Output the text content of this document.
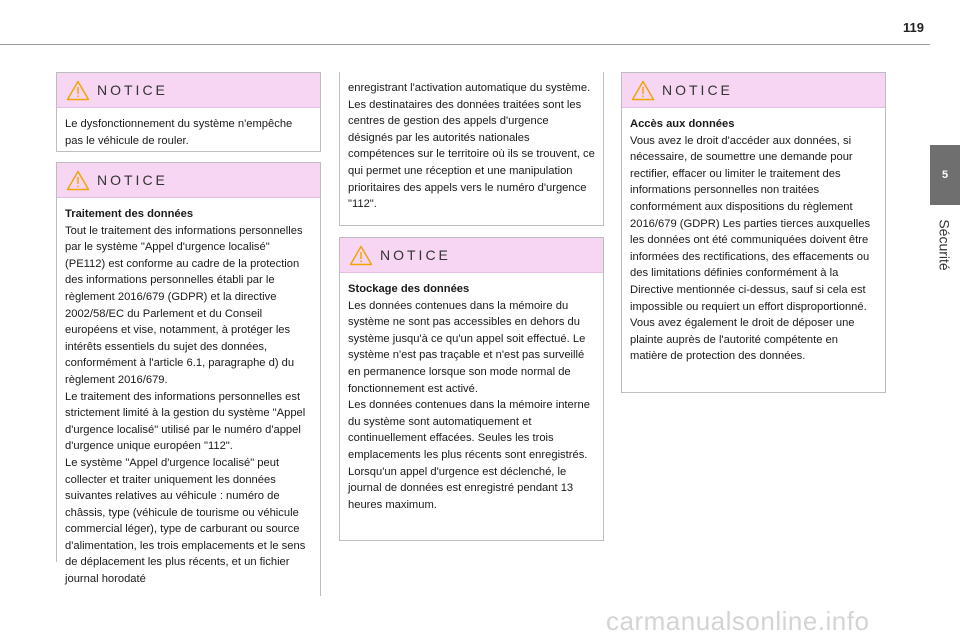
119
5
Sécurité
NOTICE

Le dysfonctionnement du système n'empêche pas le véhicule de rouler.

NOTICE

Traitement des données

Tout le traitement des informations personnelles par le système "Appel d'urgence localisé" (PE112) est conforme au cadre de la protection des informations personnelles établi par le règlement 2016/679 (GDPR) et la directive 2002/58/EC du Parlement et du Conseil européens et vise, notamment, à protéger les intérêts essentiels du sujet des données, conformément à l'article 6.1, paragraphe d) du règlement 2016/679.

Le traitement des informations personnelles est strictement limité à la gestion du système "Appel d'urgence localisé" utilisé par le numéro d'appel d'urgence unique européen "112".

Le système "Appel d'urgence localisé" peut collecter et traiter uniquement les données suivantes relatives au véhicule : numéro de châssis, type (véhicule de tourisme ou véhicule commercial léger), type de carburant ou source d'alimentation, les trois emplacements et le sens de déplacement les plus récents, et un fichier journal horodaté

enregistrant l'activation automatique du système.

Les destinataires des données traitées sont les centres de gestion des appels d'urgence désignés par les autorités nationales compétences sur le territoire où ils se trouvent, ce qui permet une réception et une manipulation prioritaires des appels vers le numéro d'urgence "112".

NOTICE

Stockage des données

Les données contenues dans la mémoire du système ne sont pas accessibles en dehors du système jusqu'à ce qu'un appel soit effectué. Le système n'est pas traçable et n'est pas surveillé en permanence lorsque son mode normal de fonctionnement est activé.

Les données contenues dans la mémoire interne du système sont automatiquement et continuellement effacées. Seules les trois emplacements les plus récents sont enregistrés.

Lorsqu'un appel d'urgence est déclenché, le journal de données est enregistré pendant 13 heures maximum.

NOTICE

Accès aux données

Vous avez le droit d'accéder aux données, si nécessaire, de soumettre une demande pour rectifier, effacer ou limiter le traitement des informations personnelles non traitées conformément aux dispositions du règlement 2016/679 (GDPR) Les parties tierces auxquelles les données ont été communiquées doivent être informées des rectifications, des effacements ou des limitations définies conformément à la Directive mentionnée ci-dessus, sauf si cela est impossible ou requiert un effort disproportionné.

Vous avez également le droit de déposer une plainte auprès de l'autorité compétente en matière de protection des données.

carmanualsonline.info
